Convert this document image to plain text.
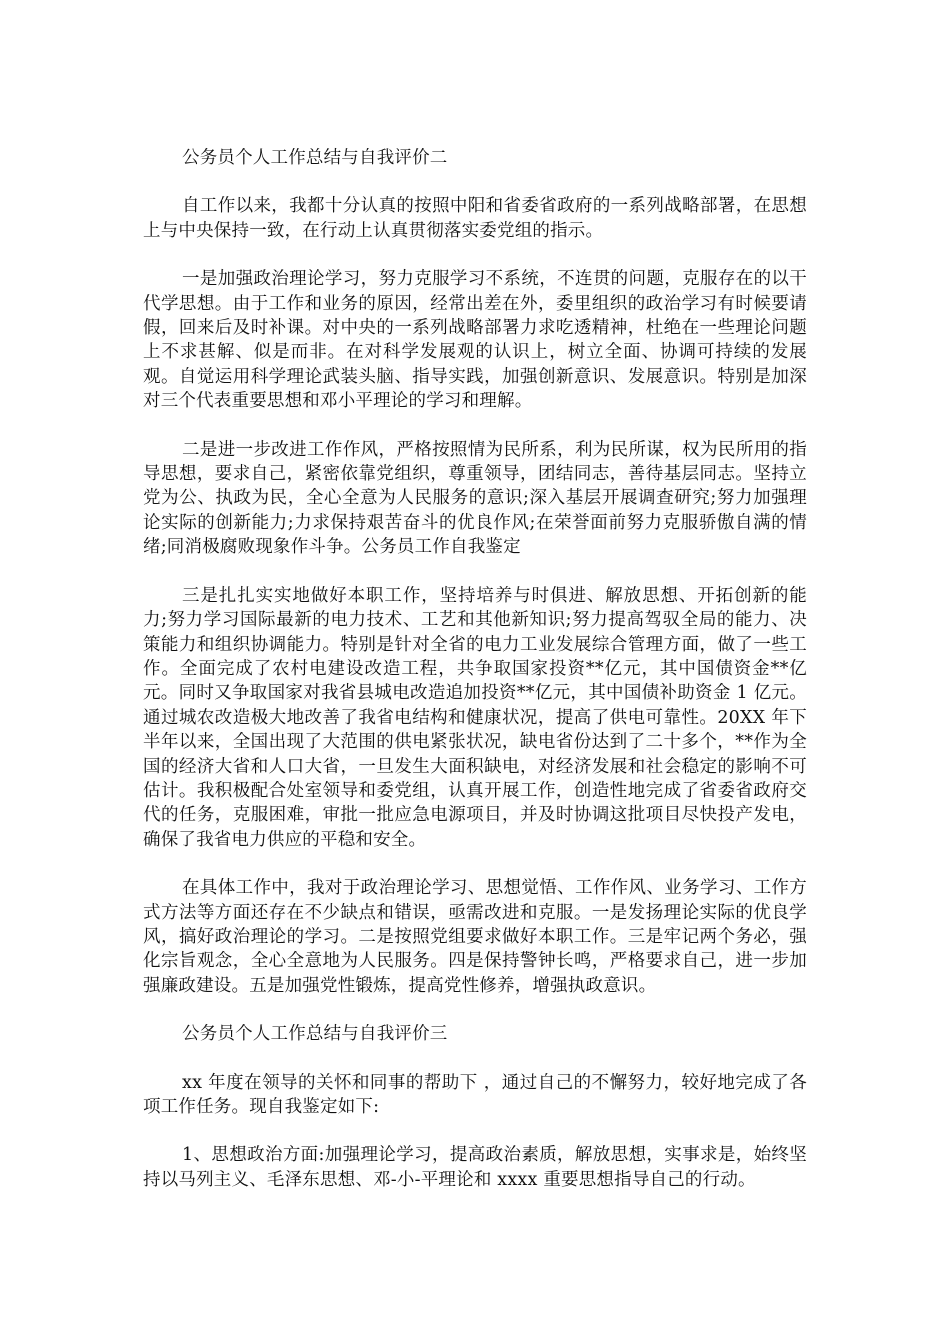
公务员个人工作总结与自我评价二

自工作以来，我都十分认真的按照中阳和省委省政府的一系列战略部署，在思想上与中央保持一致，在行动上认真贯彻落实委党组的指示。

一是加强政治理论学习，努力克服学习不系统，不连贯的问题，克服存在的以干代学思想。由于工作和业务的原因，经常出差在外，委里组织的政治学习有时候要请假，回来后及时补课。对中央的一系列战略部署力求吃透精神，杜绝在一些理论问题上不求甚解、似是而非。在对科学发展观的认识上，树立全面、协调可持续的发展观。自觉运用科学理论武装头脑、指导实践，加强创新意识、发展意识。特别是加深对三个代表重要思想和邓小平理论的学习和理解。

二是进一步改进工作作风，严格按照情为民所系，利为民所谋，权为民所用的指导思想，要求自己，紧密依靠党组织，尊重领导，团结同志，善待基层同志。坚持立党为公、执政为民，全心全意为人民服务的意识;深入基层开展调查研究;努力加强理论实际的创新能力;力求保持艰苦奋斗的优良作风;在荣誉面前努力克服骄傲自满的情绪;同消极腐败现象作斗争。公务员工作自我鉴定

三是扎扎实实地做好本职工作，坚持培养与时俱进、解放思想、开拓创新的能力;努力学习国际最新的电力技术、工艺和其他新知识;努力提高驾驭全局的能力、决策能力和组织协调能力。特别是针对全省的电力工业发展综合管理方面，做了一些工作。全面完成了农村电建设改造工程，共争取国家投资**亿元，其中国债资金**亿元。同时又争取国家对我省县城电改造追加投资**亿元，其中国债补助资金 1 亿元。通过城农改造极大地改善了我省电结构和健康状况，提高了供电可靠性。20XX 年下半年以来，全国出现了大范围的供电紧张状况，缺电省份达到了二十多个，**作为全国的经济大省和人口大省，一旦发生大面积缺电，对经济发展和社会稳定的影响不可估计。我积极配合处室领导和委党组，认真开展工作，创造性地完成了省委省政府交代的任务，克服困难，审批一批应急电源项目，并及时协调这批项目尽快投产发电，确保了我省电力供应的平稳和安全。

在具体工作中，我对于政治理论学习、思想觉悟、工作作风、业务学习、工作方式方法等方面还存在不少缺点和错误，亟需改进和克服。一是发扬理论实际的优良学风，搞好政治理论的学习。二是按照党组要求做好本职工作。三是牢记两个务必，强化宗旨观念，全心全意地为人民服务。四是保持警钟长鸣，严格要求自己，进一步加强廉政建设。五是加强党性锻炼，提高党性修养，增强执政意识。

公务员个人工作总结与自我评价三

xx 年度在领导的关怀和同事的帮助下 ，通过自己的不懈努力，较好地完成了各项工作任务。现自我鉴定如下:

1、思想政治方面:加强理论学习，提高政治素质，解放思想，实事求是，始终坚持以马列主义、毛泽东思想、邓-小-平理论和 xxxx 重要思想指导自己的行动。
